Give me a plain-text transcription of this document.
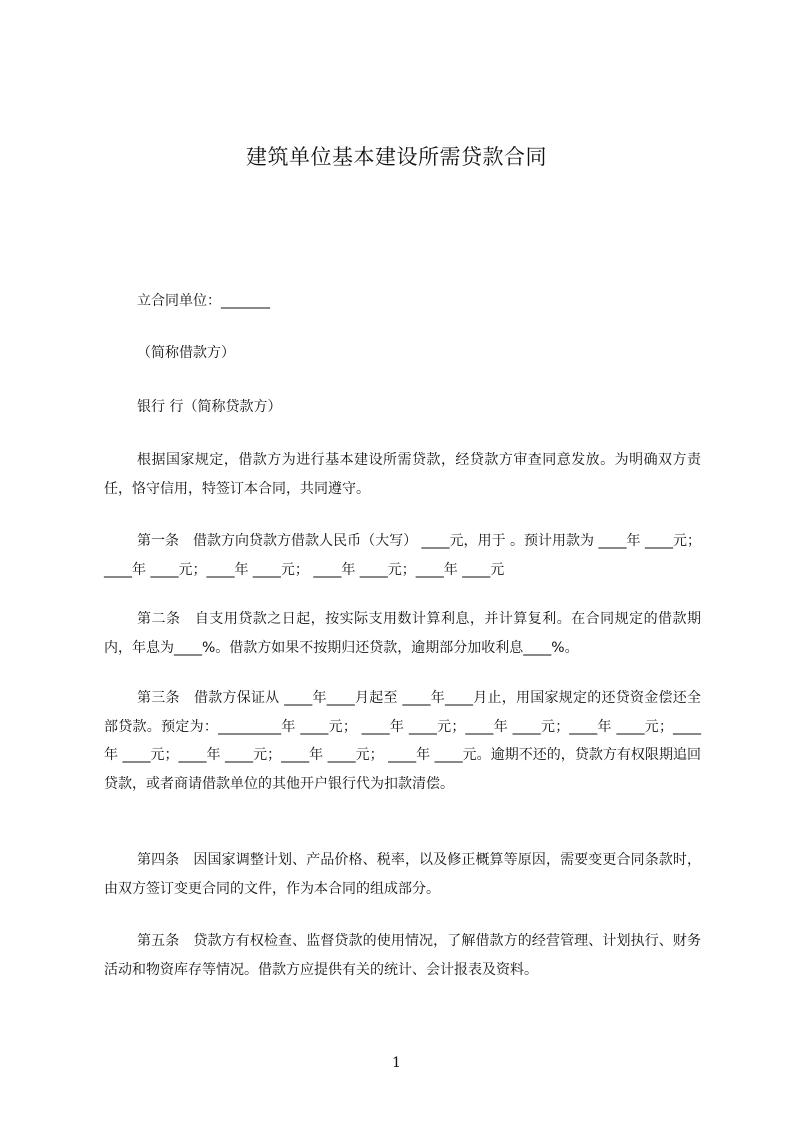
建筑单位基本建设所需贷款合同

立合同单位：_______

（简称借款方）

银行 行（简称贷款方）

根据国家规定，借款方为进行基本建设所需贷款，经贷款方审查同意发放。为明确双方责任，恪守信用，特签订本合同，共同遵守。

第一条　借款方向贷款方借款人民币（大写） ____元，用于 。预计用款为 ____年 ____元；____年 ____元；____年 ____元； ____年 ____元；____年 ____元

第二条　自支用贷款之日起，按实际支用数计算利息，并计算复利。在合同规定的借款期内，年息为____%。借款方如果不按期归还贷款，逾期部分加收利息____%。

第三条　借款方保证从 ____年____月起至 ____年____月止，用国家规定的还贷资金偿还全部贷款。预定为：_________年 ____元； ____年 ____元；____年 ____元；____年 ____元；____年 ____元；____年 ____元；____年 ____元； ____年 ____元。逾期不还的，贷款方有权限期追回贷款，或者商请借款单位的其他开户银行代为扣款清偿。

第四条　因国家调整计划、产品价格、税率，以及修正概算等原因，需要变更合同条款时，由双方签订变更合同的文件，作为本合同的组成部分。

第五条　贷款方有权检查、监督贷款的使用情况，了解借款方的经营管理、计划执行、财务活动和物资库存等情况。借款方应提供有关的统计、会计报表及资料。

1
